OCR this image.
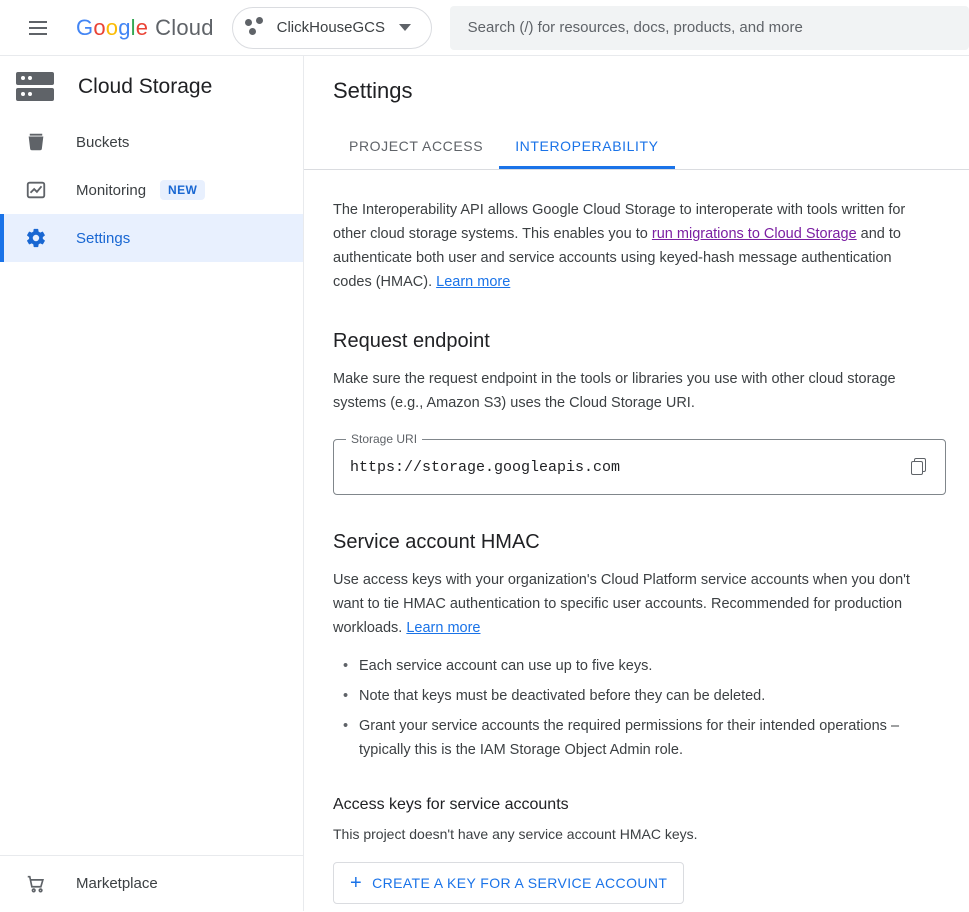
G o o g l e Cloud	ClickHouseGCS
Search (/) for resources, docs, products, and more
Cloud Storage
Buckets
Monitoring	NEW
Settings
Marketplace
Settings
PROJECT ACCESS	INTEROPERABILITY

The Interoperability API allows Google Cloud Storage to interoperate with tools written for other cloud storage systems. This enables you to run migrations to Cloud Storage and to authenticate both user and service accounts using keyed-hash message authentication codes (HMAC). Learn more

Request endpoint

Make sure the request endpoint in the tools or libraries you use with other cloud storage systems (e.g., Amazon S3) uses the Cloud Storage URI.

Storage URI
https://storage.googleapis.com
Service account HMAC

Use access keys with your organization's Cloud Platform service accounts when you don't want to tie HMAC authentication to specific user accounts. Recommended for production workloads. Learn more

• Each service account can use up to five keys.
• Note that keys must be deactivated before they can be deleted.
• Grant your service accounts the required permissions for their intended operations – typically this is the IAM Storage Object Admin role.
Access keys for service accounts

This project doesn't have any service account HMAC keys.

+ CREATE A KEY FOR A SERVICE ACCOUNT
